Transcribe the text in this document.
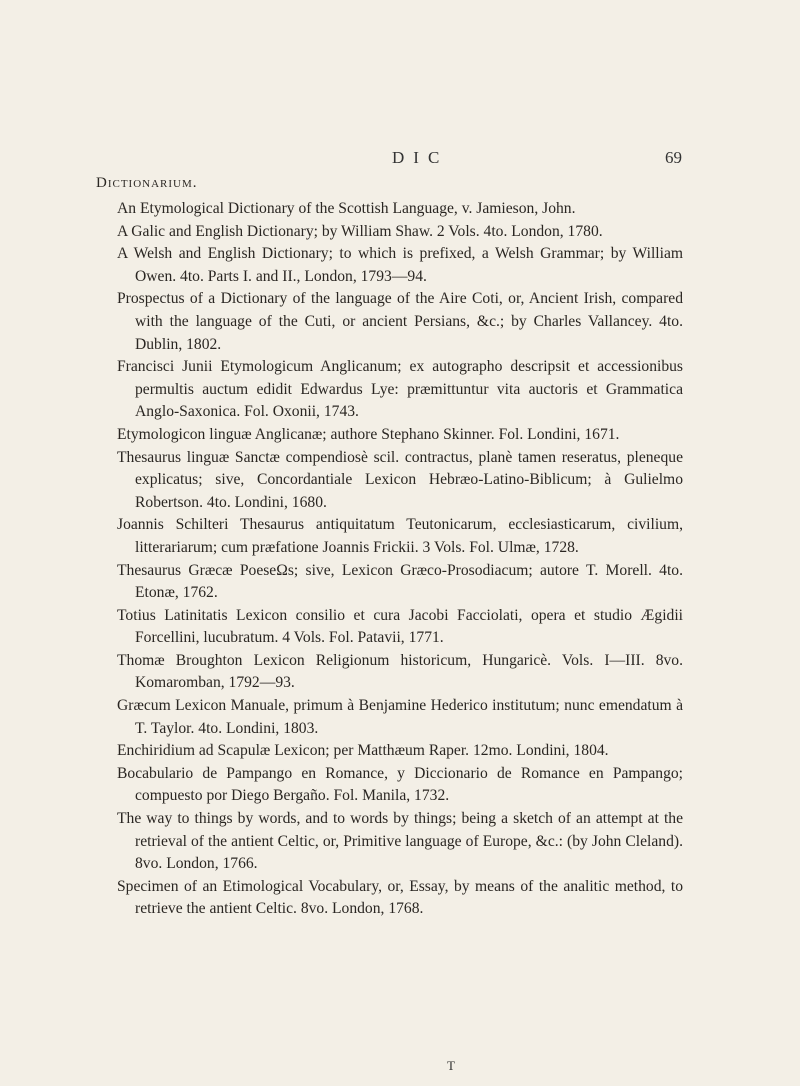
DIC	69
Dictionarium.
An Etymological Dictionary of the Scottish Language, v. Jamieson, John.
A Galic and English Dictionary; by William Shaw. 2 Vols. 4to. London, 1780.
A Welsh and English Dictionary; to which is prefixed, a Welsh Grammar; by William Owen. 4to. Parts I. and II., London, 1793—94.
Prospectus of a Dictionary of the language of the Aire Coti, or, Ancient Irish, compared with the language of the Cuti, or ancient Persians, &c.; by Charles Vallancey. 4to. Dublin, 1802.
Francisci Junii Etymologicum Anglicanum; ex autographo descripsit et accessionibus permultis auctum edidit Edwardus Lye: præmittuntur vita auctoris et Grammatica Anglo-Saxonica. Fol. Oxonii, 1743.
Etymologicon linguæ Anglicanæ; authore Stephano Skinner. Fol. Londini, 1671.
Thesaurus linguæ Sanctæ compendiosè scil. contractus, planè tamen reseratus, pleneque explicatus; sive, Concordantiale Lexicon Hebræo-Latino-Biblicum; à Gulielmo Robertson. 4to. Londini, 1680.
Joannis Schilteri Thesaurus antiquitatum Teutonicarum, ecclesiasticarum, civilium, litterariarum; cum præfatione Joannis Frickii. 3 Vols. Fol. Ulmæ, 1728.
Thesaurus Græcæ PoeseΩs; sive, Lexicon Græco-Prosodiacum; autore T. Morell. 4to. Etonæ, 1762.
Totius Latinitatis Lexicon consilio et cura Jacobi Facciolati, opera et studio Ægidii Forcellini, lucubratum. 4 Vols. Fol. Patavii, 1771.
Thomæ Broughton Lexicon Religionum historicum, Hungaricè. Vols. I—III. 8vo. Komaromban, 1792—93.
Græcum Lexicon Manuale, primum à Benjamine Hederico institutum; nunc emendatum à T. Taylor. 4to. Londini, 1803.
Enchiridium ad Scapulæ Lexicon; per Matthæum Raper. 12mo. Londini, 1804.
Bocabulario de Pampango en Romance, y Diccionario de Romance en Pampango; compuesto por Diego Bergaño. Fol. Manila, 1732.
The way to things by words, and to words by things; being a sketch of an attempt at the retrieval of the antient Celtic, or, Primitive language of Europe, &c.: (by John Cleland). 8vo. London, 1766.
Specimen of an Etimological Vocabulary, or, Essay, by means of the analitic method, to retrieve the antient Celtic. 8vo. London, 1768.
T
